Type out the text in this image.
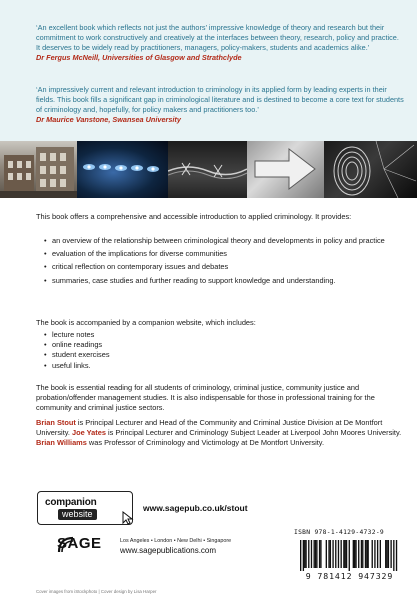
‘An excellent book which reflects not just the authors’ impressive knowledge of theory and research but their commitment to work constructively and creatively at the interfaces between theory, research, policy and practice. It deserves to be widely read by practitioners, managers, policy-makers, students and academics alike.’
Dr Fergus McNeill, Universities of Glasgow and Strathclyde
‘An impressively current and relevant introduction to criminology in its applied form by leading experts in their fields. This book fills a significant gap in criminological literature and is destined to become a core text for students of criminology and, hopefully, for policy makers and practitioners too.’
Dr Maurice Vanstone, Swansea University
This book offers a comprehensive and accessible introduction to applied criminology. It provides:
• an overview of the relationship between criminological theory and developments in policy and practice
• evaluation of the implications for diverse communities
• critical reflection on contemporary issues and debates
• summaries, case studies and further reading to support knowledge and understanding.
The book is accompanied by a companion website, which includes:
• lecture notes
• online readings
• student exercises
• useful links.
The book is essential reading for all students of criminology, criminal justice, community justice and probation/offender management studies. It is also indispensable for those in professional training for the community and criminal justice sectors.
Brian Stout is Principal Lecturer and Head of the Community and Criminal Justice Division at De Montfort University. Joe Yates is Principal Lecturer and Criminology Subject Leader at Liverpool John Moores University. Brian Williams was Professor of Criminology and Victimology at De Montfort University.
companion
website
www.sagepub.co.uk/stout
SAGE	Los Angeles • London • New Delhi • Singapore
www.sagepublications.com
ISBN 978-1-4129-4732-9
9 781412 947329
Cover images from iStockphoto | Cover design by Lisa Harper
